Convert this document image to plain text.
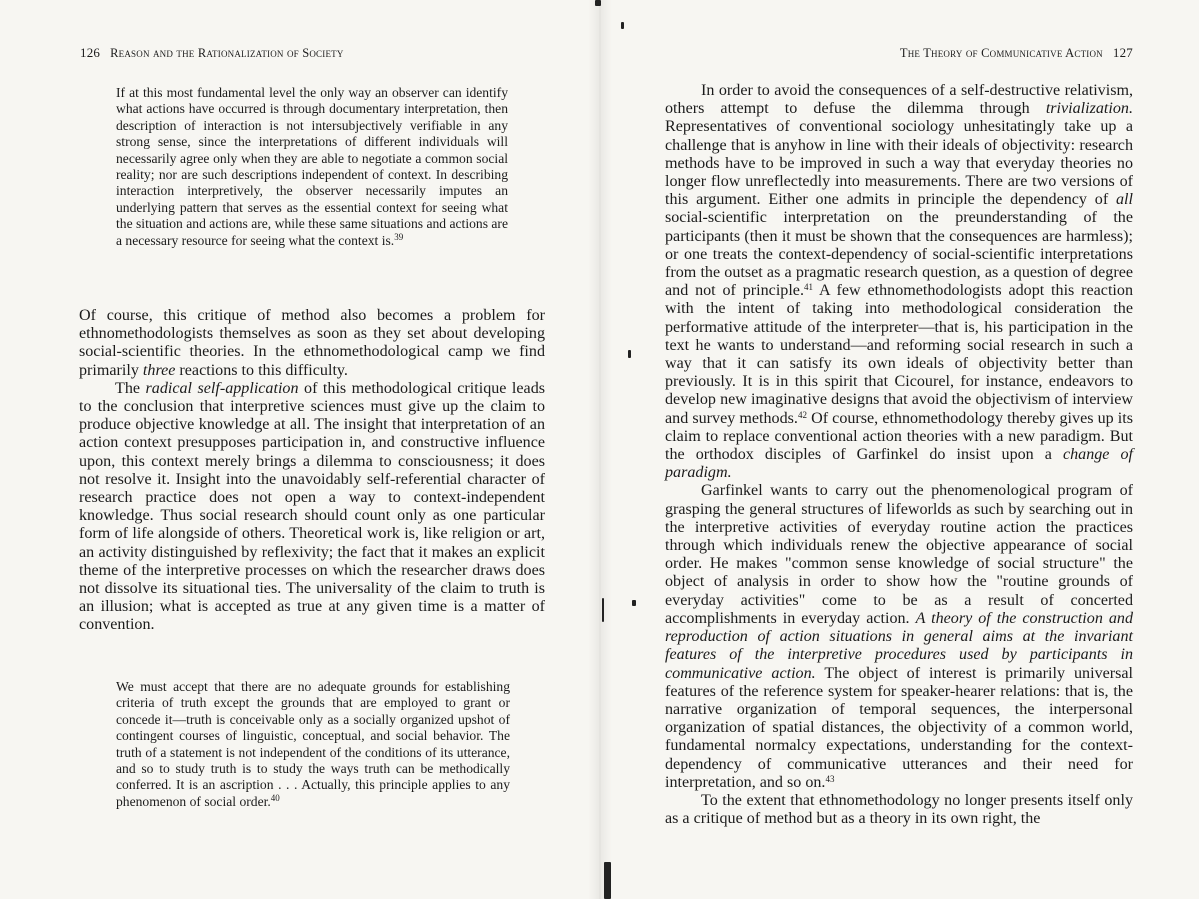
126 Reason and the Rationalization of Society

If at this most fundamental level the only way an observer can identify what actions have occurred is through documentary interpretation, then description of interaction is not intersubjectively verifiable in any strong sense, since the interpretations of different individuals will necessarily agree only when they are able to negotiate a common social reality; nor are such descriptions independent of context. In describing interaction interpretively, the observer necessarily imputes an underlying pattern that serves as the essential context for seeing what the situation and actions are, while these same situations and actions are a necessary resource for seeing what the context is.$^{39}$

Of course, this critique of method also becomes a problem for ethnomethodologists themselves as soon as they set about developing social-scientific theories. In the ethnomethodological camp we find primarily three reactions to this difficulty.

The radical self-application of this methodological critique leads to the conclusion that interpretive sciences must give up the claim to produce objective knowledge at all. The insight that interpretation of an action context presupposes participation in, and constructive influence upon, this context merely brings a dilemma to consciousness; it does not resolve it. Insight into the unavoidably self-referential character of research practice does not open a way to context-independent knowledge. Thus social research should count only as one particular form of life alongside of others. Theoretical work is, like religion or art, an activity distinguished by reflexivity; the fact that it makes an explicit theme of the interpretive processes on which the researcher draws does not dissolve its situational ties. The universality of the claim to truth is an illusion; what is accepted as true at any given time is a matter of convention.

We must accept that there are no adequate grounds for establishing criteria of truth except the grounds that are employed to grant or concede it—truth is conceivable only as a socially organized upshot of contingent courses of linguistic, conceptual, and social behavior. The truth of a statement is not independent of the conditions of its utterance, and so to study truth is to study the ways truth can be methodically conferred. It is an ascription . . . Actually, this principle applies to any phenomenon of social order.$^{40}$

The Theory of Communicative Action 127

In order to avoid the consequences of a self-destructive relativism, others attempt to defuse the dilemma through trivialization. Representatives of conventional sociology unhesitatingly take up a challenge that is anyhow in line with their ideals of objectivity: research methods have to be improved in such a way that everyday theories no longer flow unreflectedly into measurements. There are two versions of this argument. Either one admits in principle the dependency of all social-scientific interpretation on the preunderstanding of the participants (then it must be shown that the consequences are harmless); or one treats the context-dependency of social-scientific interpretations from the outset as a pragmatic research question, as a question of degree and not of principle.$^{41}$ A few ethnomethodologists adopt this reaction with the intent of taking into methodological consideration the performative attitude of the interpreter—that is, his participation in the text he wants to understand—and reforming social research in such a way that it can satisfy its own ideals of objectivity better than previously. It is in this spirit that Cicourel, for instance, endeavors to develop new imaginative designs that avoid the objectivism of interview and survey methods.$^{42}$ Of course, ethnomethodology thereby gives up its claim to replace conventional action theories with a new paradigm. But the orthodox disciples of Garfinkel do insist upon a change of paradigm.

Garfinkel wants to carry out the phenomenological program of grasping the general structures of lifeworlds as such by searching out in the interpretive activities of everyday routine action the practices through which individuals renew the objective appearance of social order. He makes "common sense knowledge of social structure" the object of analysis in order to show how the "routine grounds of everyday activities" come to be as a result of concerted accomplishments in everyday action. A theory of the construction and reproduction of action situations in general aims at the invariant features of the interpretive procedures used by participants in communicative action. The object of interest is primarily universal features of the reference system for speaker-hearer relations: that is, the narrative organization of temporal sequences, the interpersonal organization of spatial distances, the objectivity of a common world, fundamental normalcy expectations, understanding for the context-dependency of communicative utterances and their need for interpretation, and so on.$^{43}$

To the extent that ethnomethodology no longer presents itself only as a critique of method but as a theory in its own right, the
